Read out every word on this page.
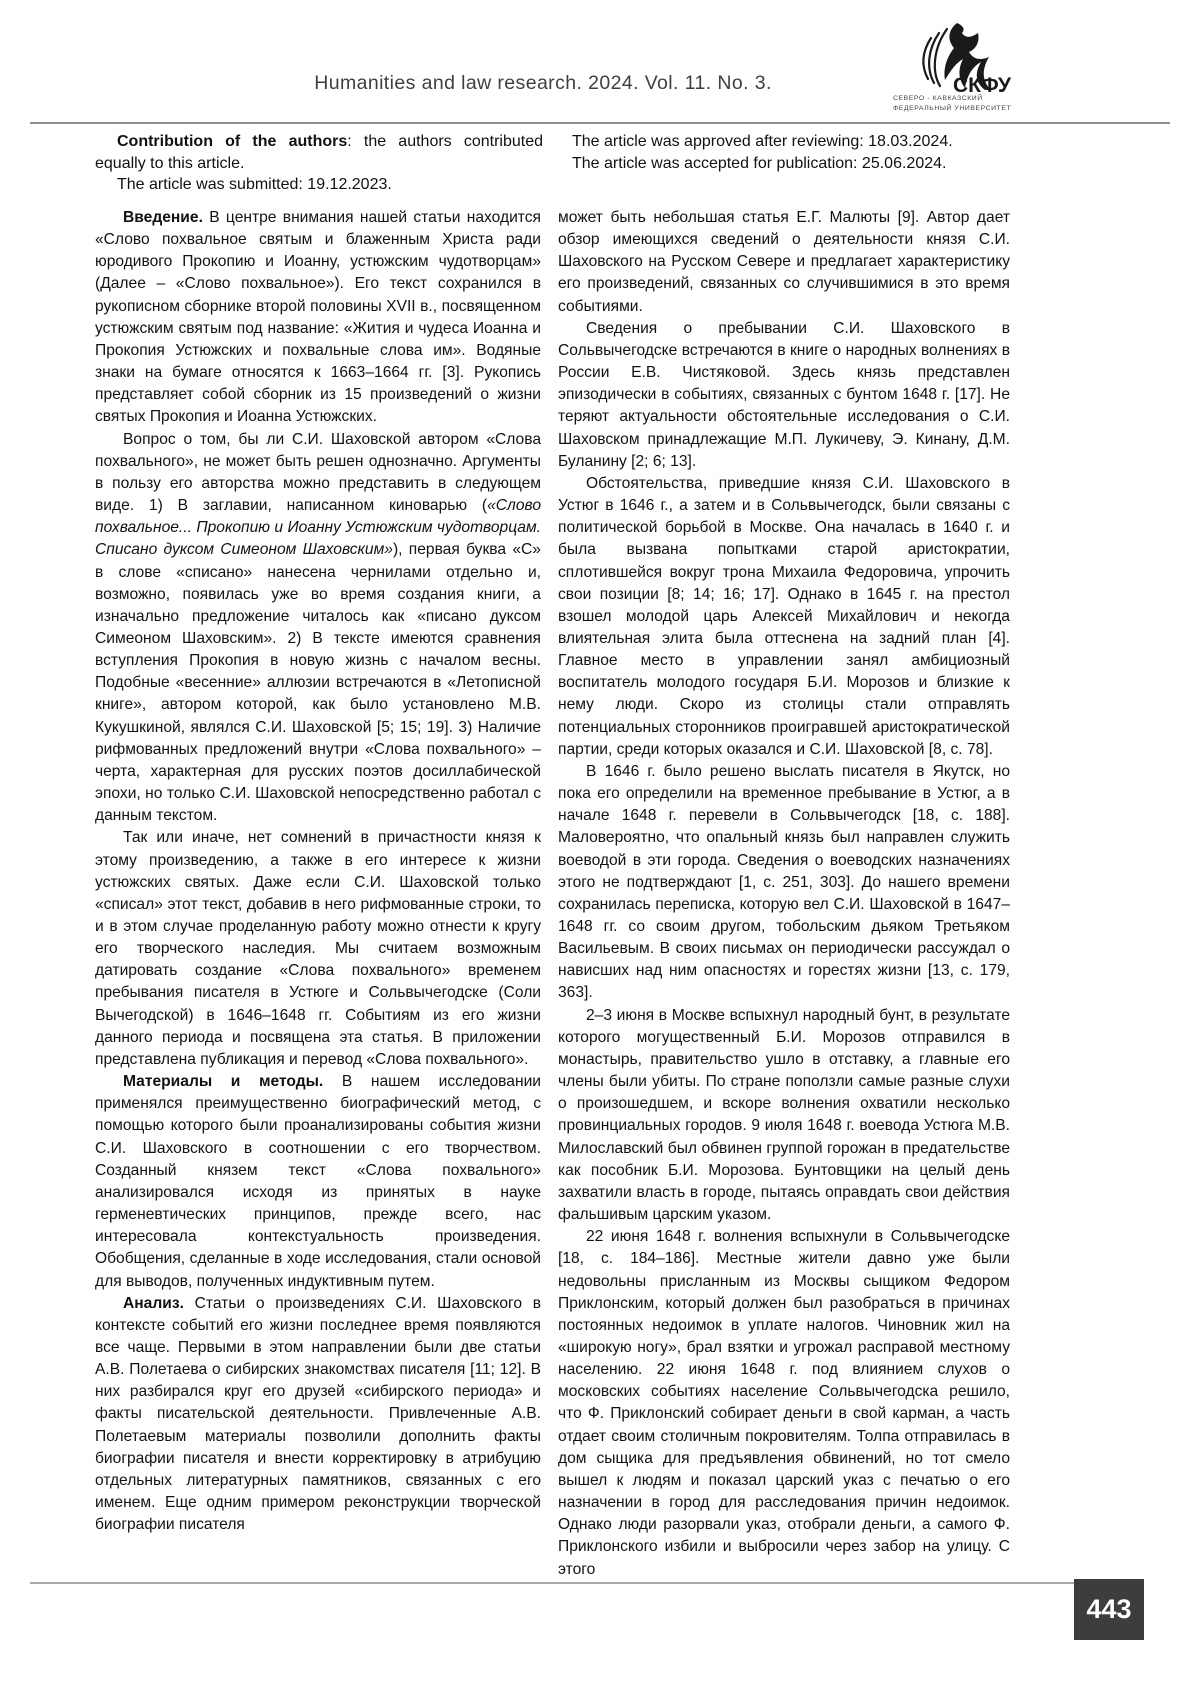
Humanities and law research. 2024. Vol. 11. No. 3.	СКФУ
СЕВЕРО - КАВКАЗСКИЙ
ФЕДЕРАЛЬНЫЙ УНИВЕРСИТЕТ

Contribution of the authors: the authors contributed equally to this article.

The article was submitted: 19.12.2023.

The article was approved after reviewing: 18.03.2024.

The article was accepted for publication: 25.06.2024.

Введение. В центре внимания нашей статьи находится «Слово похвальное святым и блаженным Христа ради юродивого Прокопию и Иоанну, устюжским чудотворцам» (Далее – «Слово похвальное»). Его текст сохранился в рукописном сборнике второй половины XVII в., посвященном устюжским святым под название: «Жития и чудеса Иоанна и Прокопия Устюжских и похвальные слова им». Водяные знаки на бумаге относятся к 1663–1664 гг. [3]. Рукопись представляет собой сборник из 15 произведений о жизни святых Прокопия и Иоанна Устюжских.

Вопрос о том, бы ли С.И. Шаховской автором «Слова похвального», не может быть решен однозначно. Аргументы в пользу его авторства можно представить в следующем виде. 1) В заглавии, написанном киноварью («Слово похвальное... Прокопию и Иоанну Устюжским чудотворцам. Списано дуксом Симеоном Шаховским»), первая буква «С» в слове «списано» нанесена чернилами отдельно и, возможно, появилась уже во время создания книги, а изначально предложение читалось как «писано дуксом Симеоном Шаховским». 2) В тексте имеются сравнения вступления Прокопия в новую жизнь с началом весны. Подобные «весенние» аллюзии встречаются в «Летописной книге», автором которой, как было установлено М.В. Кукушкиной, являлся С.И. Шаховской [5; 15; 19]. 3) Наличие рифмованных предложений внутри «Слова похвального» – черта, характерная для русских поэтов досиллабической эпохи, но только С.И. Шаховской непосредственно работал с данным текстом.

Так или иначе, нет сомнений в причастности князя к этому произведению, а также в его интересе к жизни устюжских святых. Даже если С.И. Шаховской только «списал» этот текст, добавив в него рифмованные строки, то и в этом случае проделанную работу можно отнести к кругу его творческого наследия. Мы считаем возможным датировать создание «Слова похвального» временем пребывания писателя в Устюге и Сольвычегодске (Соли Вычегодской) в 1646–1648 гг. Событиям из его жизни данного периода и посвящена эта статья. В приложении представлена публикация и перевод «Слова похвального».

Материалы и методы. В нашем исследовании применялся преимущественно биографический метод, с помощью которого были проанализированы события жизни С.И. Шаховского в соотношении с его творчеством. Созданный князем текст «Слова похвального» анализировался исходя из принятых в науке герменевтических принципов, прежде всего, нас интересовала контекстуальность произведения. Обобщения, сделанные в ходе исследования, стали основой для выводов, полученных индуктивным путем.

Анализ. Статьи о произведениях С.И. Шаховского в контексте событий его жизни последнее время появляются все чаще. Первыми в этом направлении были две статьи А.В. Полетаева о сибирских знакомствах писателя [11; 12]. В них разбирался круг его друзей «сибирского периода» и факты писательской деятельности. Привлеченные А.В. Полетаевым материалы позволили дополнить факты биографии писателя и внести корректировку в атрибуцию отдельных литературных памятников, связанных с его именем. Еще одним примером реконструкции творческой биографии писателя

может быть небольшая статья Е.Г. Малюты [9]. Автор дает обзор имеющихся сведений о деятельности князя С.И. Шаховского на Русском Севере и предлагает характеристику его произведений, связанных со случившимися в это время событиями.

Сведения о пребывании С.И. Шаховского в Сольвычегодске встречаются в книге о народных волнениях в России Е.В. Чистяковой. Здесь князь представлен эпизодически в событиях, связанных с бунтом 1648 г. [17]. Не теряют актуальности обстоятельные исследования о С.И. Шаховском принадлежащие М.П. Лукичеву, Э. Кинану, Д.М. Буланину [2; 6; 13].

Обстоятельства, приведшие князя С.И. Шаховского в Устюг в 1646 г., а затем и в Сольвычегодск, были связаны с политической борьбой в Москве. Она началась в 1640 г. и была вызвана попытками старой аристократии, сплотившейся вокруг трона Михаила Федоровича, упрочить свои позиции [8; 14; 16; 17]. Однако в 1645 г. на престол взошел молодой царь Алексей Михайлович и некогда влиятельная элита была оттеснена на задний план [4]. Главное место в управлении занял амбициозный воспитатель молодого государя Б.И. Морозов и близкие к нему люди. Скоро из столицы стали отправлять потенциальных сторонников проигравшей аристократической партии, среди которых оказался и С.И. Шаховской [8, с. 78].

В 1646 г. было решено выслать писателя в Якутск, но пока его определили на временное пребывание в Устюг, а в начале 1648 г. перевели в Сольвычегодск [18, с. 188]. Маловероятно, что опальный князь был направлен служить воеводой в эти города. Сведения о воеводских назначениях этого не подтверждают [1, с. 251, 303]. До нашего времени сохранилась переписка, которую вел С.И. Шаховской в 1647–1648 гг. со своим другом, тобольским дьяком Третьяком Васильевым. В своих письмах он периодически рассуждал о нависших над ним опасностях и горестях жизни [13, с. 179, 363].

2–3 июня в Москве вспыхнул народный бунт, в результате которого могущественный Б.И. Морозов отправился в монастырь, правительство ушло в отставку, а главные его члены были убиты. По стране поползли самые разные слухи о произошедшем, и вскоре волнения охватили несколько провинциальных городов. 9 июля 1648 г. воевода Устюга М.В. Милославский был обвинен группой горожан в предательстве как пособник Б.И. Морозова. Бунтовщики на целый день захватили власть в городе, пытаясь оправдать свои действия фальшивым царским указом.

22 июня 1648 г. волнения вспыхнули в Сольвычегодске [18, с. 184–186]. Местные жители давно уже были недовольны присланным из Москвы сыщиком Федором Приклонским, который должен был разобраться в причинах постоянных недоимок в уплате налогов. Чиновник жил на «широкую ногу», брал взятки и угрожал расправой местному населению. 22 июня 1648 г. под влиянием слухов о московских событиях население Сольвычегодска решило, что Ф. Приклонский собирает деньги в свой карман, а часть отдает своим столичным покровителям. Толпа отправилась в дом сыщика для предъявления обвинений, но тот смело вышел к людям и показал царский указ с печатью о его назначении в город для расследования причин недоимок. Однако люди разорвали указ, отобрали деньги, а самого Ф. Приклонского избили и выбросили через забор на улицу. С этого

443
